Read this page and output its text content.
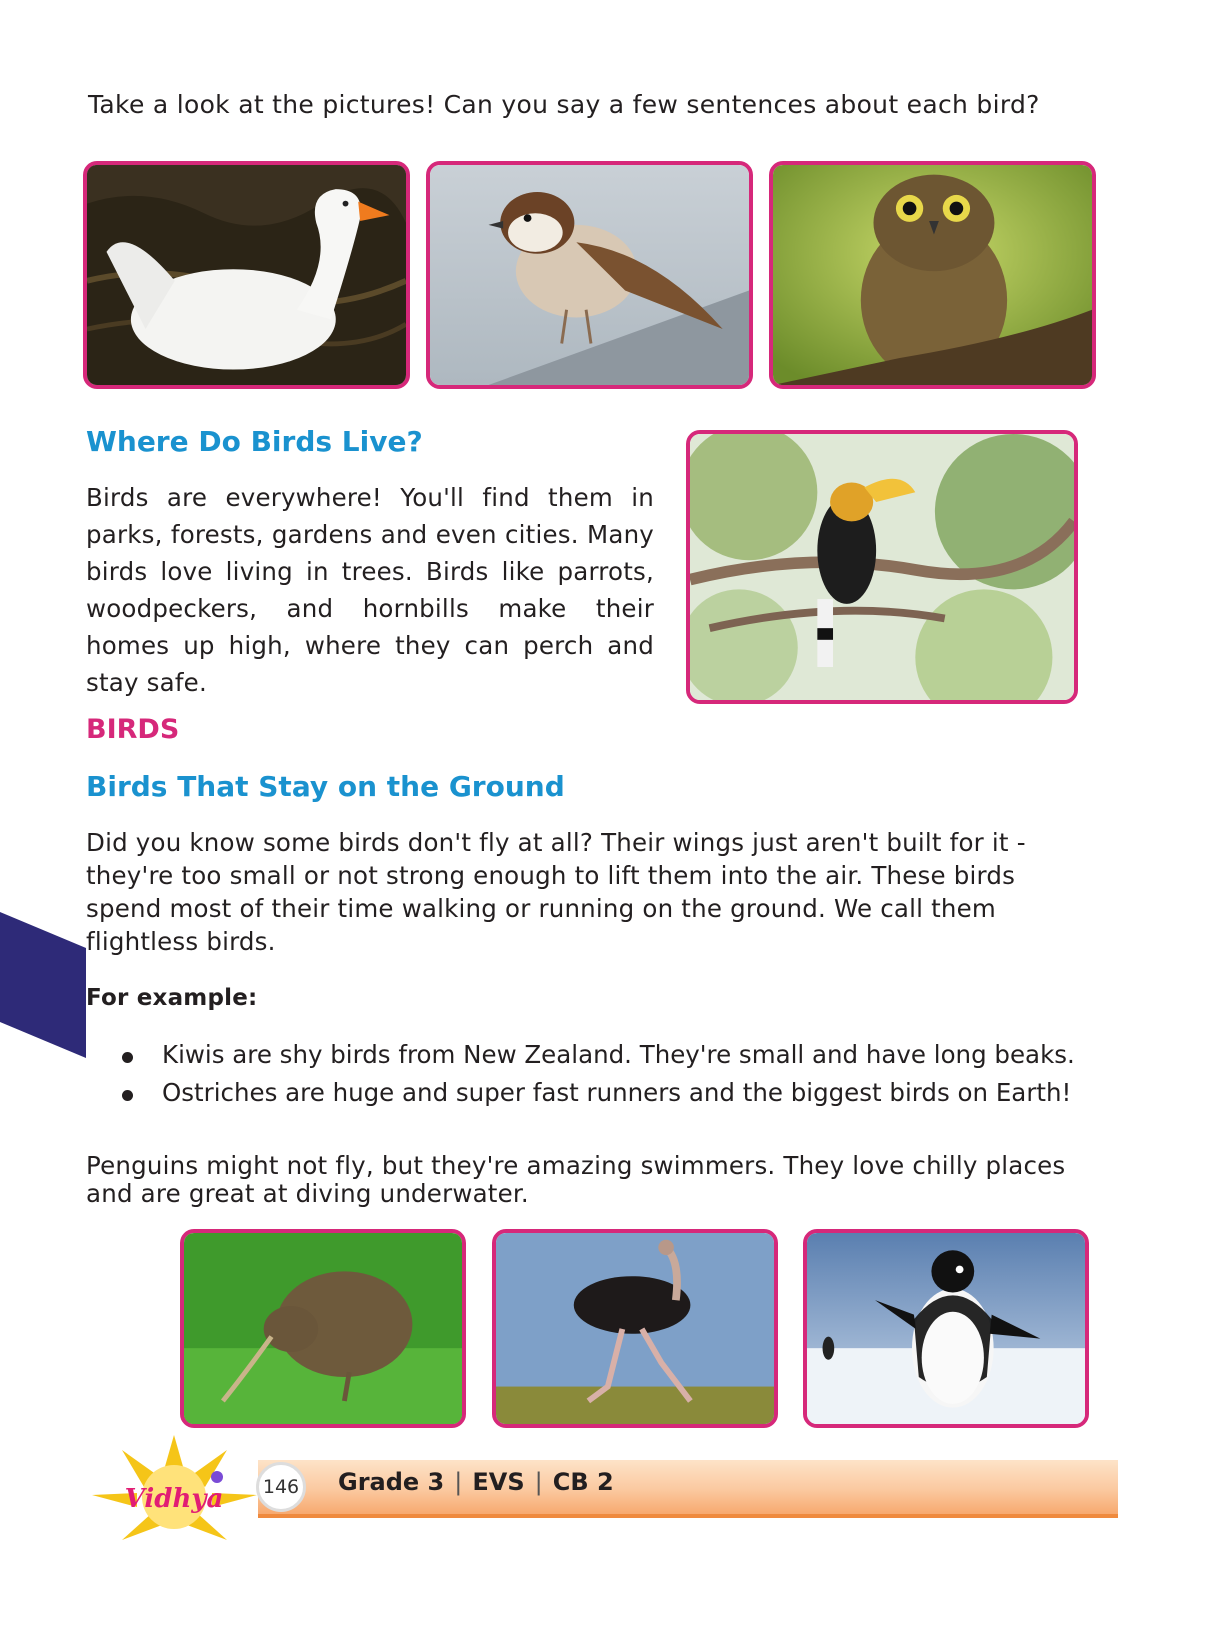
Take a look at the pictures! Can you say a few sentences about each bird?
Where Do Birds Live?
Birds are everywhere! You'll find them in parks, forests, gardens and even cities. Many birds love living in trees. Birds like parrots, woodpeckers, and hornbills make their homes up high, where they can perch and stay safe.
BIRDS
Birds That Stay on the Ground
Did you know some birds don't fly at all? Their wings just aren't built for it - they're too small or not strong enough to lift them into the air. These birds spend most of their time walking or running on the ground. We call them flightless birds.
For example:
Kiwis are shy birds from New Zealand. They're small and have long beaks.
Ostriches are huge and super fast runners and the biggest birds on Earth!
Penguins might not fly, but they're amazing swimmers. They love chilly places and are great at diving underwater.
146 Grade 3 | EVS | CB 2
Vidhya
